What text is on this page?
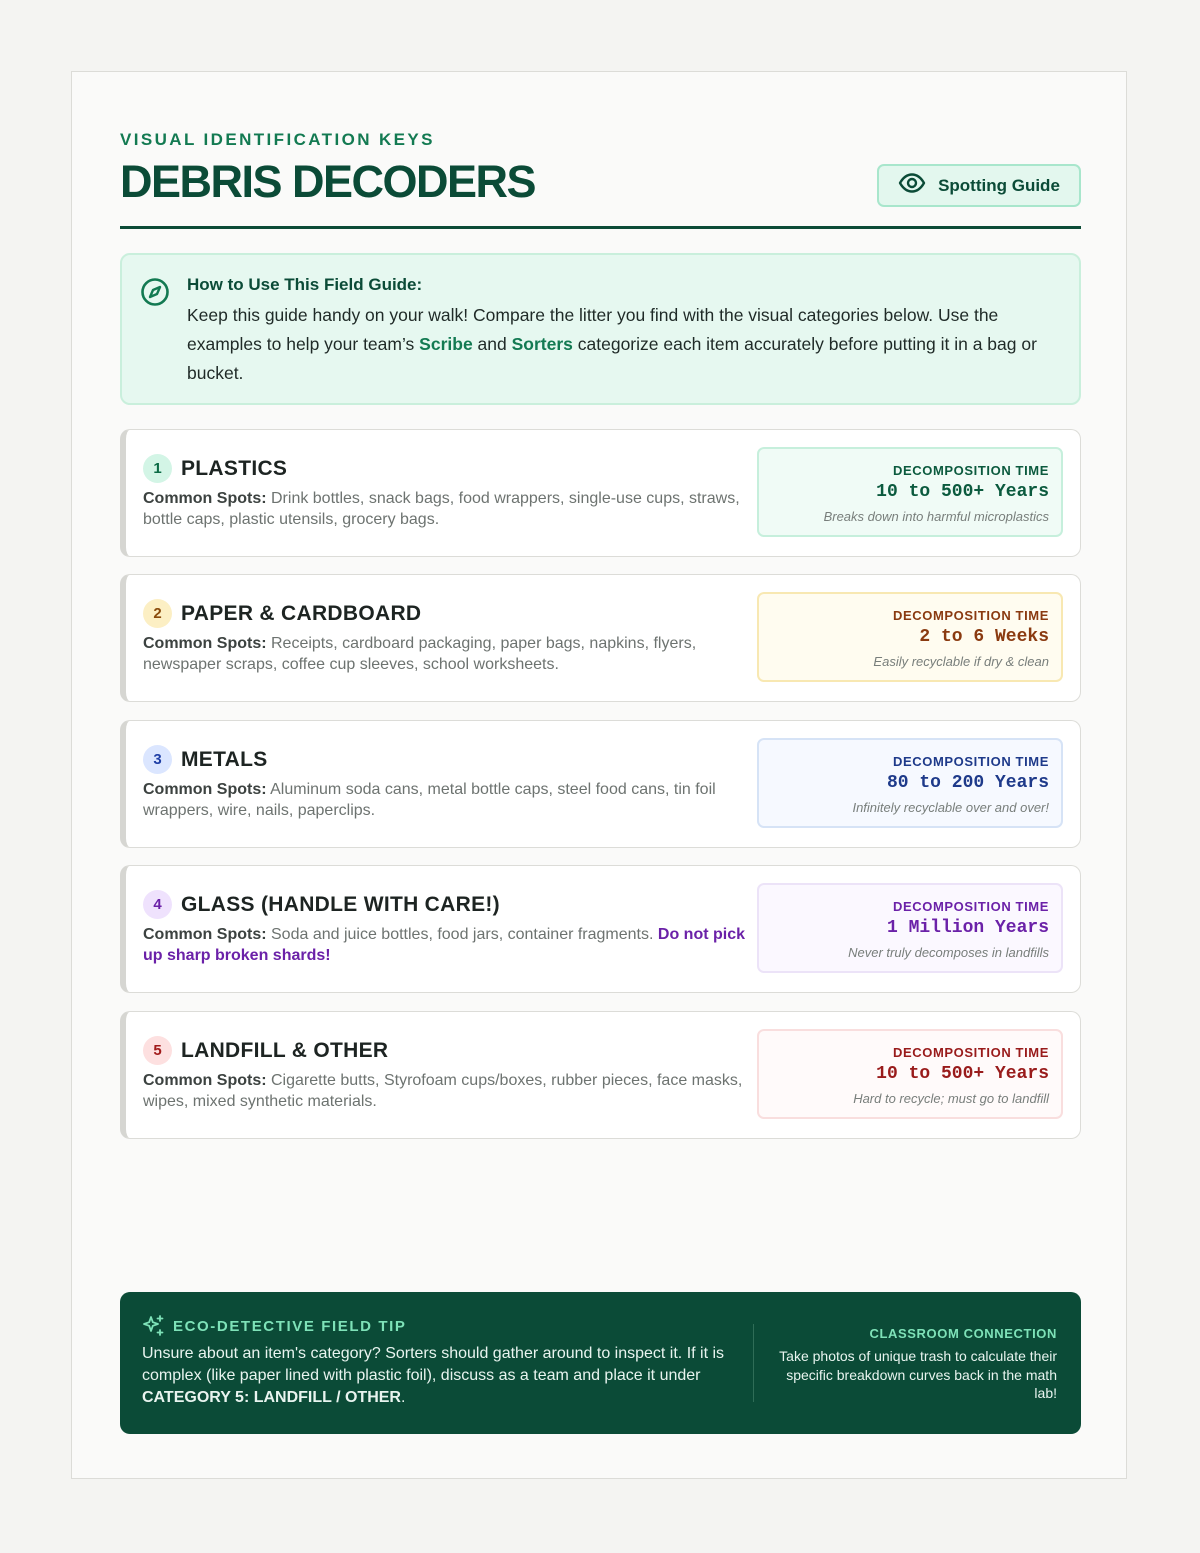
VISUAL IDENTIFICATION KEYS
DEBRIS DECODERS	Spotting Guide
How to Use This Field Guide:

Keep this guide handy on your walk! Compare the litter you find with the visual categories below. Use the examples to help your team’s Scribe and Sorters categorize each item accurately before putting it in a bag or bucket.

1 PLASTICS
Common Spots: Drink bottles, snack bags, food wrappers, single-use cups, straws, bottle caps, plastic utensils, grocery bags.
DECOMPOSITION TIME
10 to 500+ Years
Breaks down into harmful microplastics
2 PAPER & CARDBOARD
Common Spots: Receipts, cardboard packaging, paper bags, napkins, flyers, newspaper scraps, coffee cup sleeves, school worksheets.
DECOMPOSITION TIME
2 to 6 Weeks
Easily recyclable if dry & clean
3 METALS
Common Spots: Aluminum soda cans, metal bottle caps, steel food cans, tin foil wrappers, wire, nails, paperclips.
DECOMPOSITION TIME
80 to 200 Years
Infinitely recyclable over and over!
4 GLASS (HANDLE WITH CARE!)
Common Spots: Soda and juice bottles, food jars, container fragments. Do not pick up sharp broken shards!
DECOMPOSITION TIME
1 Million Years
Never truly decomposes in landfills
5 LANDFILL & OTHER
Common Spots: Cigarette butts, Styrofoam cups/boxes, rubber pieces, face masks, wipes, mixed synthetic materials.
DECOMPOSITION TIME
10 to 500+ Years
Hard to recycle; must go to landfill
ECO-DETECTIVE FIELD TIP

Unsure about an item's category? Sorters should gather around to inspect it. If it is complex (like paper lined with plastic foil), discuss as a team and place it under CATEGORY 5: LANDFILL / OTHER.

CLASSROOM CONNECTION
Take photos of unique trash to calculate their specific breakdown curves back in the math lab!
